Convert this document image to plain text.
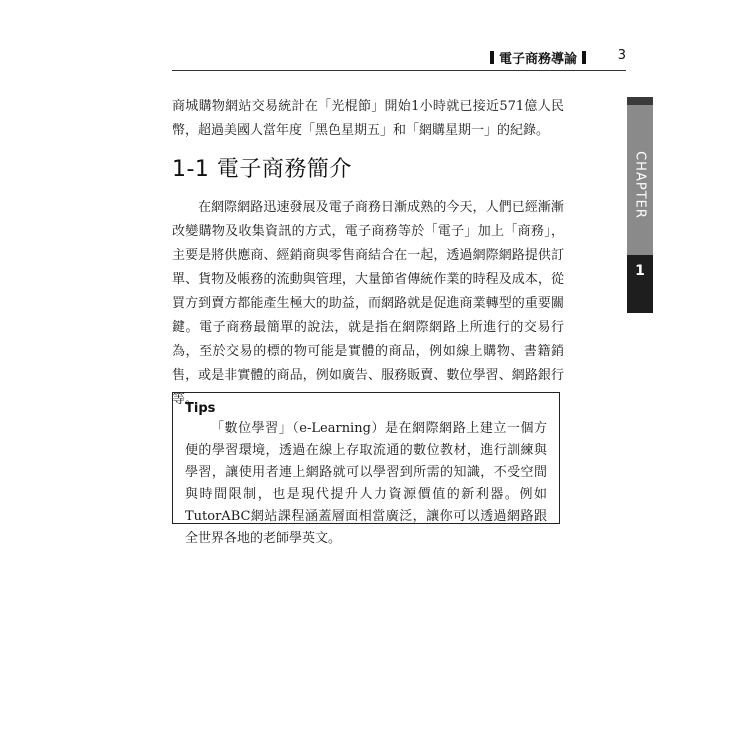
電子商務導論	3

商城購物網站交易統計在「光棍節」開始1小時就已接近571億人民幣，超過美國人當年度「黑色星期五」和「網購星期一」的紀錄。

1-1 電子商務簡介

在網際網路迅速發展及電子商務日漸成熟的今天，人們已經漸漸改變購物及收集資訊的方式，電子商務等於「電子」加上「商務」，主要是將供應商、經銷商與零售商結合在一起，透過網際網路提供訂單、貨物及帳務的流動與管理，大量節省傳統作業的時程及成本，從買方到賣方都能產生極大的助益，而網路就是促進商業轉型的重要關鍵。電子商務最簡單的說法，就是指在網際網路上所進行的交易行為，至於交易的標的物可能是實體的商品，例如線上購物、書籍銷售，或是非實體的商品，例如廣告、服務販賣、數位學習、網路銀行等。

Tips

「數位學習」（e-Learning）是在網際網路上建立一個方便的學習環境，透過在線上存取流通的數位教材，進行訓練與學習，讓使用者連上網路就可以學習到所需的知識，不受空間與時間限制，也是現代提升人力資源價值的新利器。例如TutorABC網站課程涵蓋層面相當廣泛，讓你可以透過網路跟全世界各地的老師學英文。

CHAPTER
1
